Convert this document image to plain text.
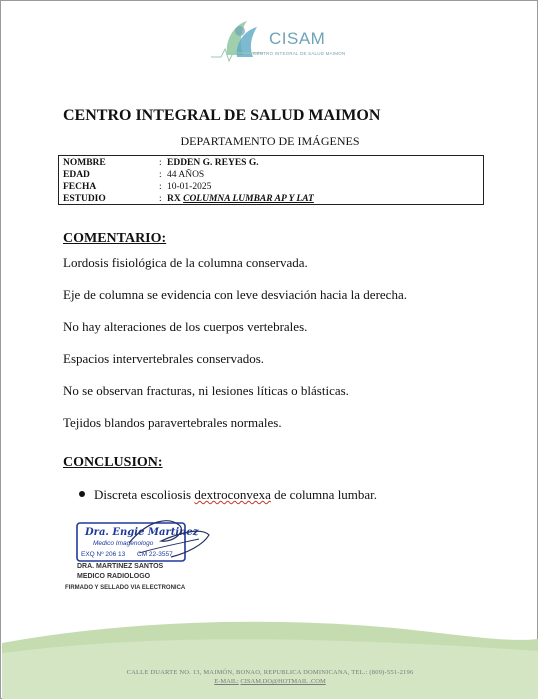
CISAM
CENTRO INTEGRAL DE SALUD MAIMON
CENTRO INTEGRAL DE SALUD MAIMON
DEPARTAMENTO DE IMÁGENES
NOMBRE	: EDDEN G. REYES G.
EDAD	: 44 AÑOS
FECHA	: 10-01-2025
ESTUDIO	: RX COLUMNA LUMBAR AP Y LAT
COMENTARIO:
Lordosis fisiológica de la columna conservada.
Eje de columna se evidencia con leve desviación hacia la derecha.
No hay alteraciones de los cuerpos vertebrales.
Espacios intervertebrales conservados.
No se observan fracturas, ni lesiones líticas o blásticas.
Tejidos blandos paravertebrales normales.
CONCLUSION:
Discreta escoliosis dextroconvexa de columna lumbar.
Dra. Engie Martinez
Medico Imagenologo
EXQ Nº 206 13 CM 22-3557
DRA. MARTINEZ SANTOS
MEDICO RADIOLOGO
FIRMADO Y SELLADO VIA ELECTRONICA
CALLE DUARTE NO. 13, MAIMÓN, BONAO, REPUBLICA DOMINICANA, TEL.: (809)-551-2196
E-MAIL: CISAM.DO@HOTMAIL .COM
